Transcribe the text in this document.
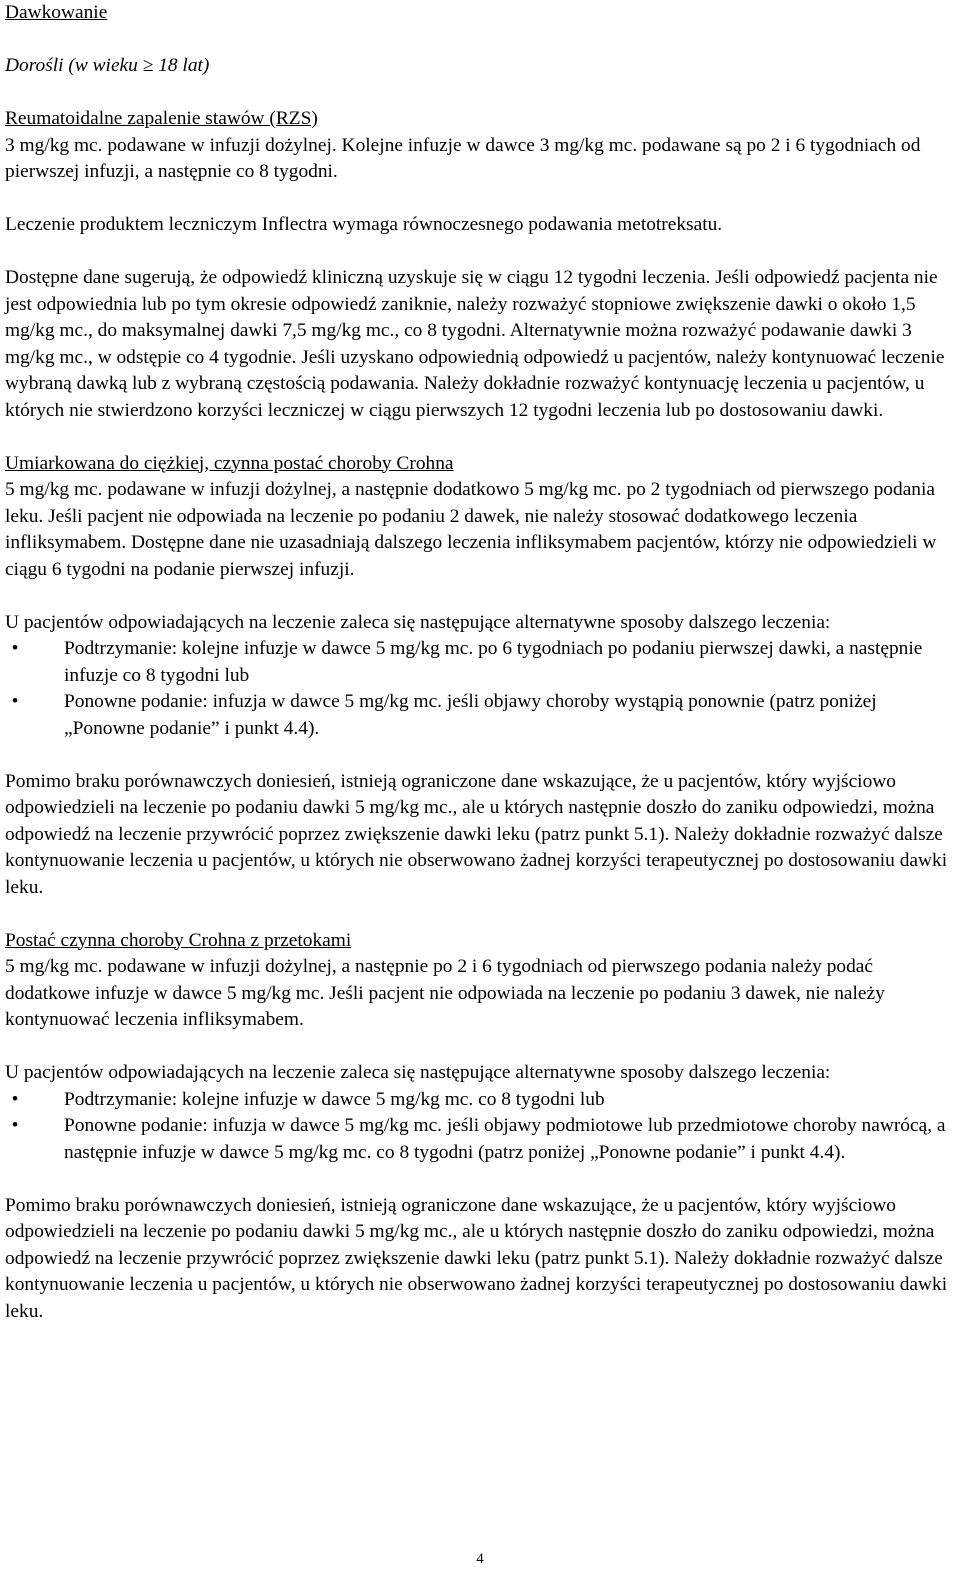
Dawkowanie

Dorośli (w wieku ≥ 18 lat)

Reumatoidalne zapalenie stawów (RZS)

3 mg/kg mc. podawane w infuzji dożylnej. Kolejne infuzje w dawce 3 mg/kg mc. podawane są po 2 i 6 tygodniach od pierwszej infuzji, a następnie co 8 tygodni.

Leczenie produktem leczniczym Inflectra wymaga równoczesnego podawania metotreksatu.

Dostępne dane sugerują, że odpowiedź kliniczną uzyskuje się w ciągu 12 tygodni leczenia. Jeśli odpowiedź pacjenta nie jest odpowiednia lub po tym okresie odpowiedź zaniknie, należy rozważyć stopniowe zwiększenie dawki o około 1,5 mg/kg mc., do maksymalnej dawki 7,5 mg/kg mc., co 8 tygodni. Alternatywnie można rozważyć podawanie dawki 3 mg/kg mc., w odstępie co 4 tygodnie. Jeśli uzyskano odpowiednią odpowiedź u pacjentów, należy kontynuować leczenie wybraną dawką lub z wybraną częstością podawania. Należy dokładnie rozważyć kontynuację leczenia u pacjentów, u których nie stwierdzono korzyści leczniczej w ciągu pierwszych 12 tygodni leczenia lub po dostosowaniu dawki.

Umiarkowana do ciężkiej, czynna postać choroby Crohna

5 mg/kg mc. podawane w infuzji dożylnej, a następnie dodatkowo 5 mg/kg mc. po 2 tygodniach od pierwszego podania leku. Jeśli pacjent nie odpowiada na leczenie po podaniu 2 dawek, nie należy stosować dodatkowego leczenia infliksymabem. Dostępne dane nie uzasadniają dalszego leczenia infliksymabem pacjentów, którzy nie odpowiedzieli w ciągu 6 tygodni na podanie pierwszej infuzji.

U pacjentów odpowiadających na leczenie zaleca się następujące alternatywne sposoby dalszego leczenia:

•	Podtrzymanie: kolejne infuzje w dawce 5 mg/kg mc. po 6 tygodniach po podaniu pierwszej dawki, a następnie infuzje co 8 tygodni lub
•	Ponowne podanie: infuzja w dawce 5 mg/kg mc. jeśli objawy choroby wystąpią ponownie (patrz poniżej „Ponowne podanie” i punkt 4.4).

Pomimo braku porównawczych doniesień, istnieją ograniczone dane wskazujące, że u pacjentów, który wyjściowo odpowiedzieli na leczenie po podaniu dawki 5 mg/kg mc., ale u których następnie doszło do zaniku odpowiedzi, można odpowiedź na leczenie przywrócić poprzez zwiększenie dawki leku (patrz punkt 5.1). Należy dokładnie rozważyć dalsze kontynuowanie leczenia u pacjentów, u których nie obserwowano żadnej korzyści terapeutycznej po dostosowaniu dawki leku.

Postać czynna choroby Crohna z przetokami

5 mg/kg mc. podawane w infuzji dożylnej, a następnie po 2 i 6 tygodniach od pierwszego podania należy podać dodatkowe infuzje w dawce 5 mg/kg mc. Jeśli pacjent nie odpowiada na leczenie po podaniu 3 dawek, nie należy kontynuować leczenia infliksymabem.

U pacjentów odpowiadających na leczenie zaleca się następujące alternatywne sposoby dalszego leczenia:

•	Podtrzymanie: kolejne infuzje w dawce 5 mg/kg mc. co 8 tygodni lub
•	Ponowne podanie: infuzja w dawce 5 mg/kg mc. jeśli objawy podmiotowe lub przedmiotowe choroby nawrócą, a następnie infuzje w dawce 5 mg/kg mc. co 8 tygodni (patrz poniżej „Ponowne podanie” i punkt 4.4).

Pomimo braku porównawczych doniesień, istnieją ograniczone dane wskazujące, że u pacjentów, który wyjściowo odpowiedzieli na leczenie po podaniu dawki 5 mg/kg mc., ale u których następnie doszło do zaniku odpowiedzi, można odpowiedź na leczenie przywrócić poprzez zwiększenie dawki leku (patrz punkt 5.1). Należy dokładnie rozważyć dalsze kontynuowanie leczenia u pacjentów, u których nie obserwowano żadnej korzyści terapeutycznej po dostosowaniu dawki leku.

4
